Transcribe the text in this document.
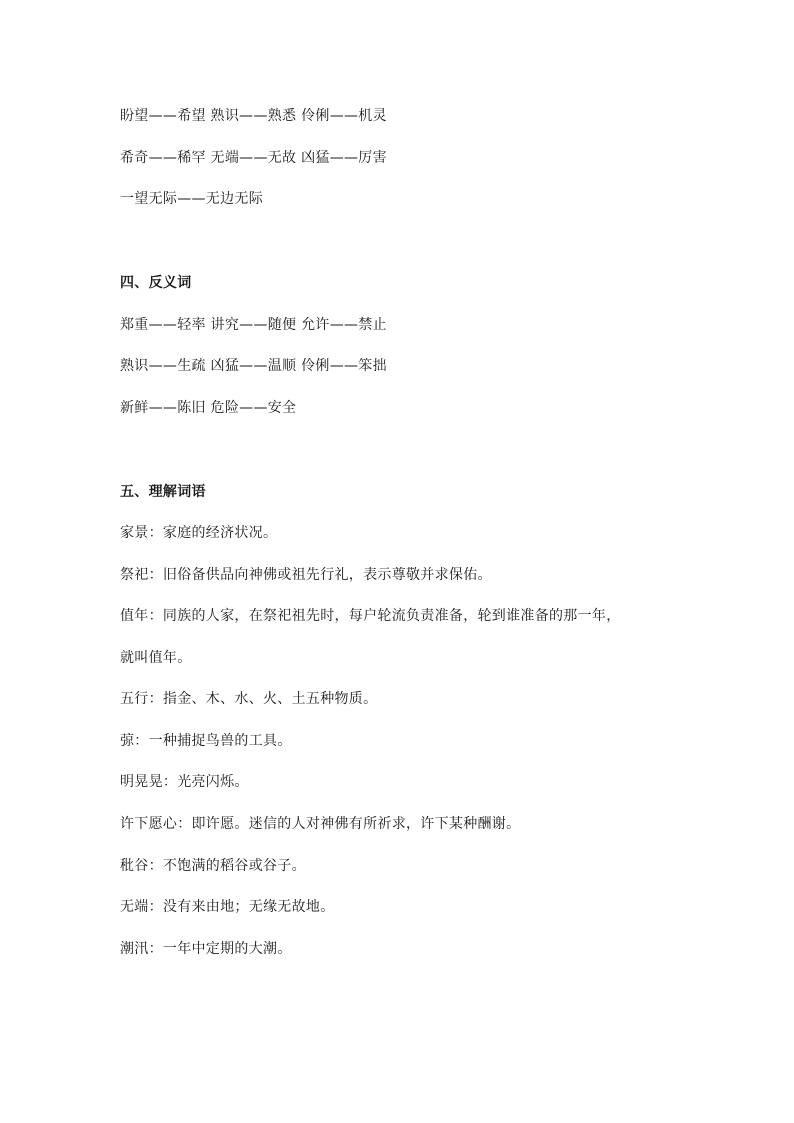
盼望——希望 熟识——熟悉 伶俐——机灵
希奇——稀罕 无端——无故 凶猛——厉害
一望无际——无边无际
四、反义词
郑重——轻率 讲究——随便 允许——禁止
熟识——生疏 凶猛——温顺 伶俐——笨拙
新鲜——陈旧 危险——安全
五、理解词语
家景：家庭的经济状况。
祭祀：旧俗备供品向神佛或祖先行礼，表示尊敬并求保佑。
值年：同族的人家，在祭祀祖先时，每户轮流负责准备，轮到谁准备的那一年，
就叫值年。
五行：指金、木、水、火、土五种物质。
弶：一种捕捉鸟兽的工具。
明晃晃：光亮闪烁。
许下愿心：即许愿。迷信的人对神佛有所祈求，许下某种酬谢。
秕谷：不饱满的稻谷或谷子。
无端：没有来由地；无缘无故地。
潮汛：一年中定期的大潮。
